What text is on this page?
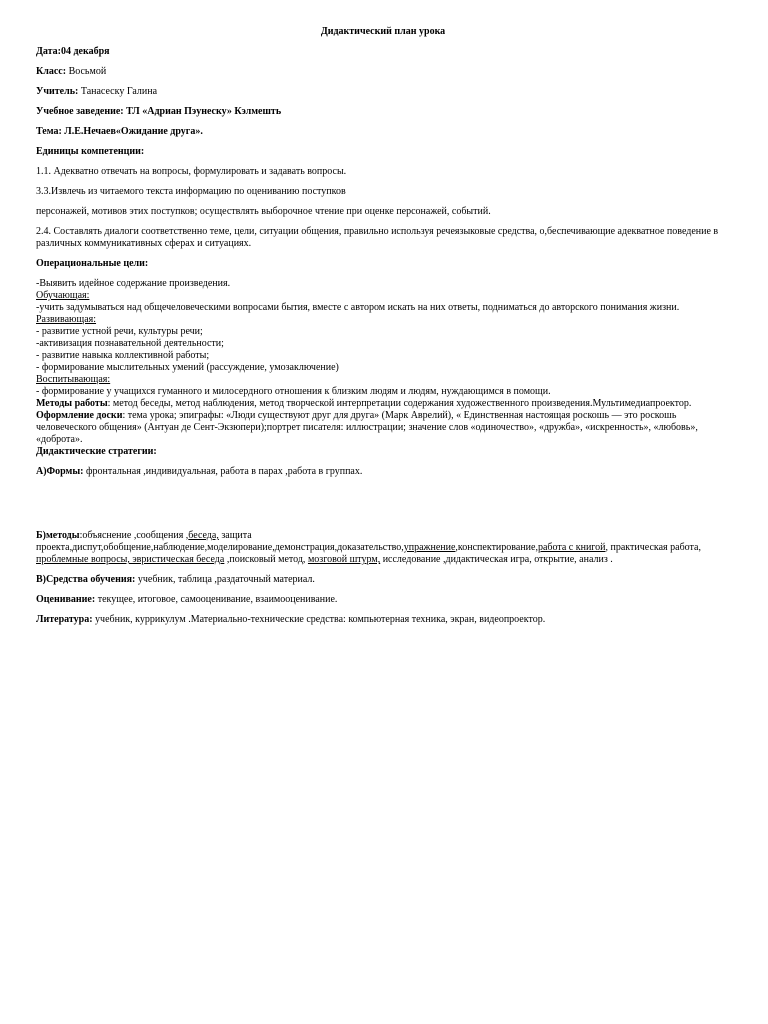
Дидактический план урока

Дата:04 декабря

Класс: Восьмой

Учитель: Танасеску Галина

Учебное заведение: ТЛ «Адриан Пэунеску» Кэлмешть

Тема: Л.Е.Нечаев«Ожидание друга».

Единицы компетенции:

1.1. Адекватно отвечать на вопросы, формулировать и задавать вопросы.

3.3.Извлечь из читаемого текста информацию по оцениванию поступков

персонажей, мотивов этих поступков; осуществлять выборочное чтение при оценке персонажей, событий.

2.4. Составлять диалоги соответственно теме, цели, ситуации общения, правильно используя речеязыковые средства, о,беспечивающие адекватное поведение в различных коммуникативных сферах и ситуациях.

Операциональные цели:

-Выявить идейное содержание произведения.

Обучающая:

-учить задумываться над общечеловеческими вопросами бытия, вместе с автором искать на них ответы, подниматься до авторского понимания жизни.

Развивающая:

- развитие устной речи, культуры речи;

-активизация познавательной деятельности;

- развитие навыка коллективной работы;

- формирование мыслительных умений (рассуждение, умозаключение)

Воспитывающая:

- формирование у учащихся гуманного и милосердного отношения к близким людям и людям, нуждающимся в помощи.

Методы работы: метод беседы, метод наблюдения, метод творческой интерпретации содержания художественного произведения.Мультимедиапроектор.

Оформление доски: тема урока; эпиграфы: «Люди существуют друг для друга» (Марк Аврелий), « Единственная настоящая роскошь — это роскошь человеческого общения» (Антуан де Сент-Экзюпери);портрет писателя: иллюстрации; значение слов «одиночество», «дружба», «искренность», «любовь», «доброта».

Дидактические стратегии:

А)Формы: фронтальная ,индивидуальная, работа в парах ,работа в группах.

Б)методы:объяснение ,сообщения ,беседа, защита проекта,диспут,обобщение,наблюдение,моделирование,демонстрация,доказательство,упражнение,конспектирование,работа с книгой, практическая работа, проблемные вопросы, эвристическая беседа ,поисковый метод, мозговой штурм, исследование ,дидактическая игра, открытие, анализ .

В)Средства обучения: учебник, таблица ,раздаточный материал.

Оценивание: текущее, итоговое, самооценивание, взаимооценивание.

Литература: учебник, куррикулум .Материально-технические средства: компьютерная техника, экран, видеопроектор.
